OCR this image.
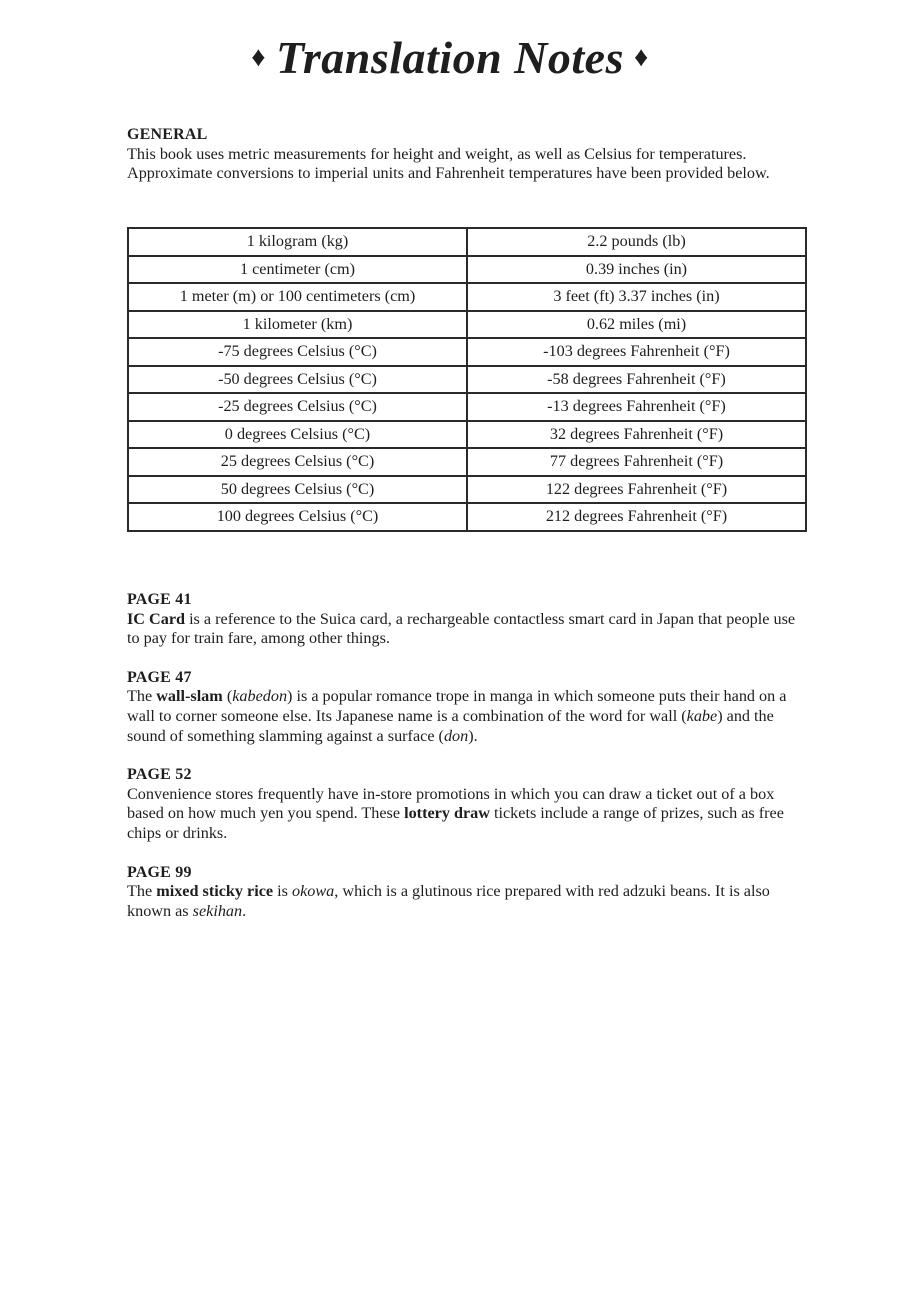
♦ Translation Notes ♦
GENERAL

This book uses metric measurements for height and weight, as well as Celsius for temperatures. Approximate conversions to imperial units and Fahrenheit temperatures have been provided below.

1 kilogram (kg)	2.2 pounds (lb)
1 centimeter (cm)	0.39 inches (in)
1 meter (m) or 100 centimeters (cm)	3 feet (ft) 3.37 inches (in)
1 kilometer (km)	0.62 miles (mi)
-75 degrees Celsius (°C)	-103 degrees Fahrenheit (°F)
-50 degrees Celsius (°C)	-58 degrees Fahrenheit (°F)
-25 degrees Celsius (°C)	-13 degrees Fahrenheit (°F)
0 degrees Celsius (°C)	32 degrees Fahrenheit (°F)
25 degrees Celsius (°C)	77 degrees Fahrenheit (°F)
50 degrees Celsius (°C)	122 degrees Fahrenheit (°F)
100 degrees Celsius (°C)	212 degrees Fahrenheit (°F)
PAGE 41

IC Card is a reference to the Suica card, a rechargeable contactless smart card in Japan that people use to pay for train fare, among other things.

PAGE 47

The wall-slam (kabedon) is a popular romance trope in manga in which someone puts their hand on a wall to corner someone else. Its Japanese name is a combination of the word for wall (kabe) and the sound of something slamming against a surface (don).

PAGE 52

Convenience stores frequently have in-store promotions in which you can draw a ticket out of a box based on how much yen you spend. These lottery draw tickets include a range of prizes, such as free chips or drinks.

PAGE 99

The mixed sticky rice is okowa, which is a glutinous rice prepared with red adzuki beans. It is also known as sekihan.
